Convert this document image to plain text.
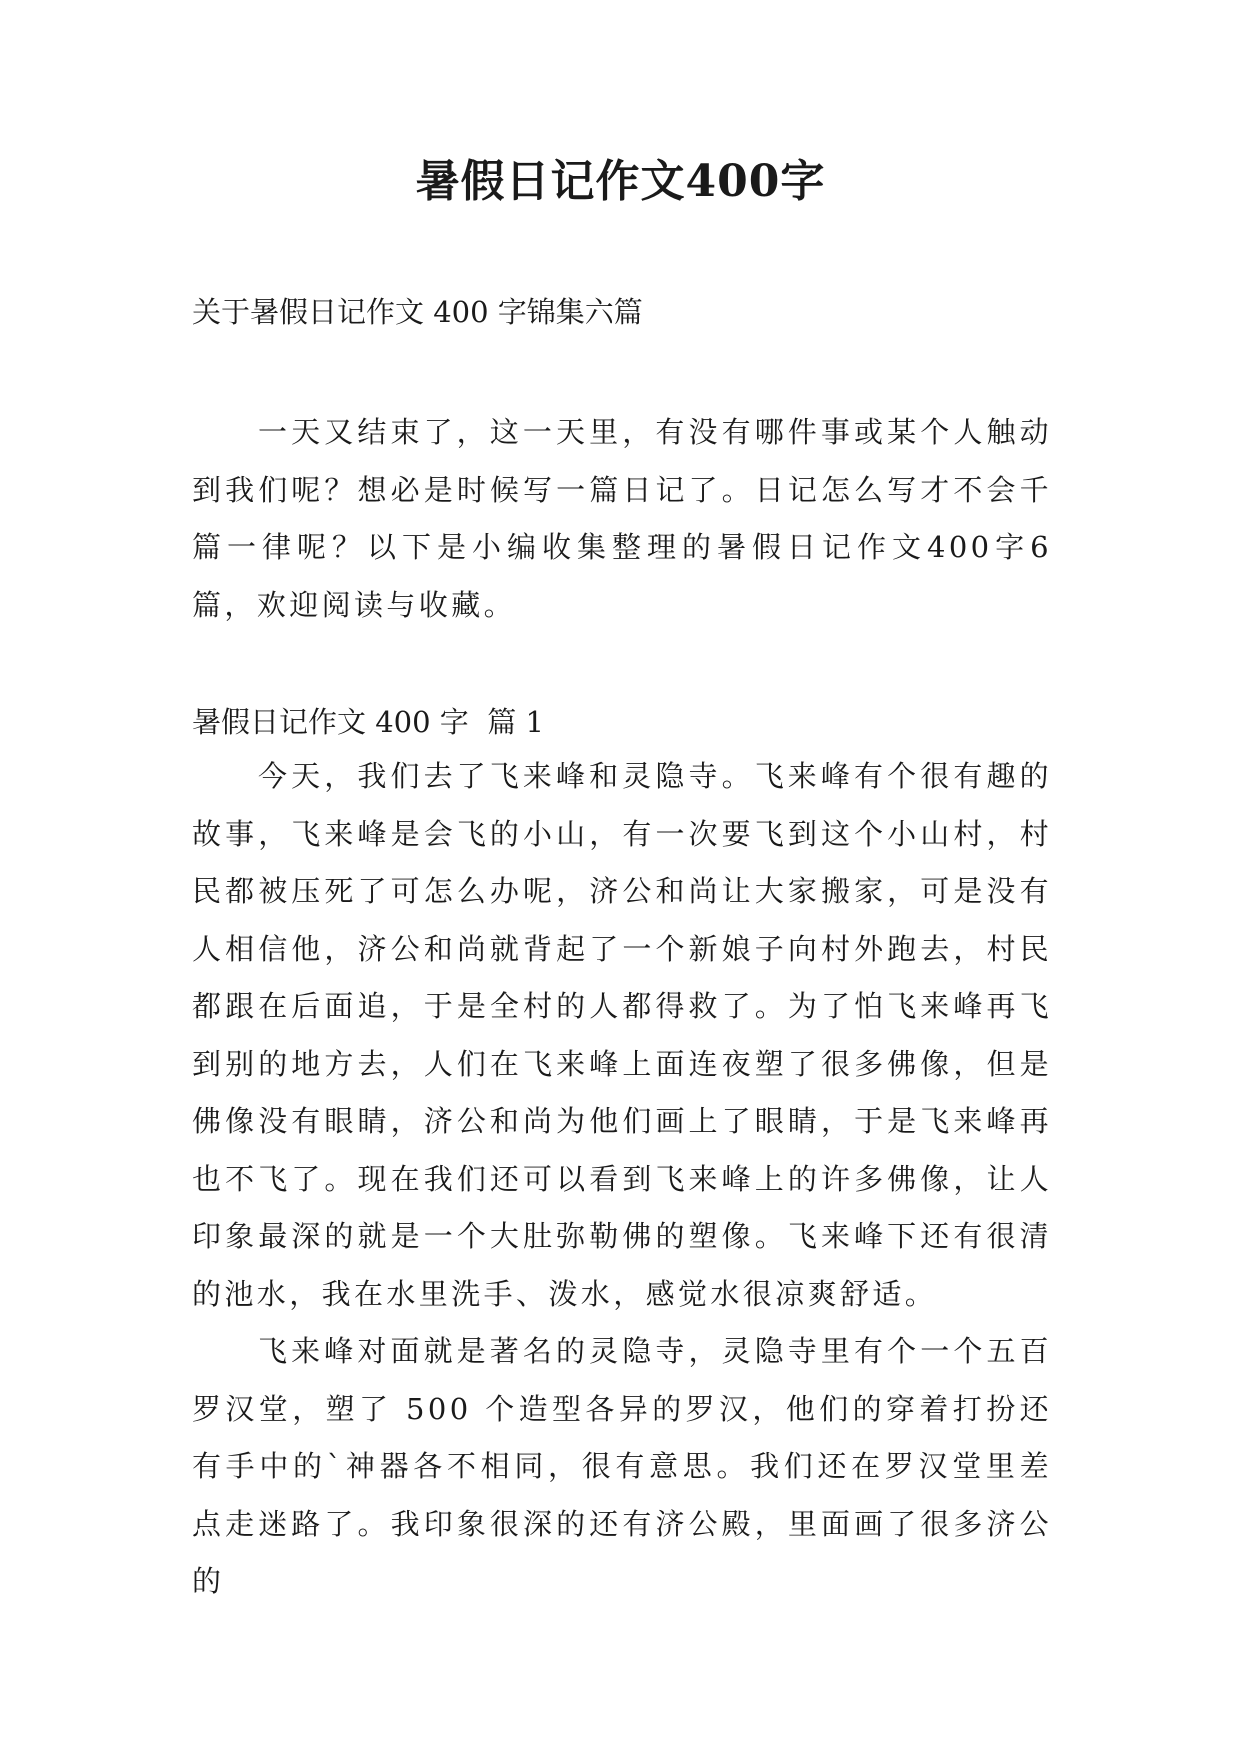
暑假日记作文400字

关于暑假日记作文 400 字锦集六篇

一天又结束了，这一天里，有没有哪件事或某个人触动到我们呢？想必是时候写一篇日记了。日记怎么写才不会千篇一律呢？以下是小编收集整理的暑假日记作文400字6篇，欢迎阅读与收藏。

暑假日记作文 400 字  篇 1

今天，我们去了飞来峰和灵隐寺。飞来峰有个很有趣的故事，飞来峰是会飞的小山，有一次要飞到这个小山村，村民都被压死了可怎么办呢，济公和尚让大家搬家，可是没有人相信他，济公和尚就背起了一个新娘子向村外跑去，村民都跟在后面追，于是全村的人都得救了。为了怕飞来峰再飞到别的地方去，人们在飞来峰上面连夜塑了很多佛像，但是佛像没有眼睛，济公和尚为他们画上了眼睛，于是飞来峰再也不飞了。现在我们还可以看到飞来峰上的许多佛像，让人印象最深的就是一个大肚弥勒佛的塑像。飞来峰下还有很清的池水，我在水里洗手、泼水，感觉水很凉爽舒适。

飞来峰对面就是著名的灵隐寺，灵隐寺里有个一个五百罗汉堂，塑了 500 个造型各异的罗汉，他们的穿着打扮还有手中的`神器各不相同，很有意思。我们还在罗汉堂里差点走迷路了。我印象很深的还有济公殿，里面画了很多济公的
